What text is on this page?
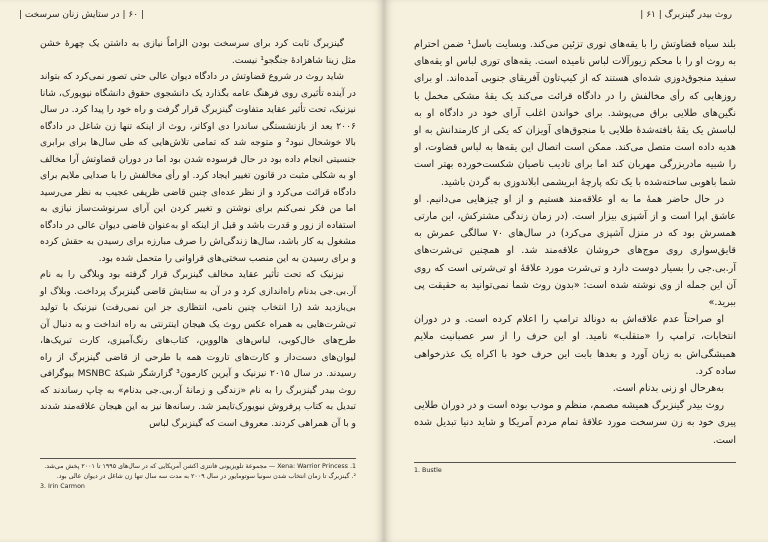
| ۶۰ | در ستایش زنان سرسخت |

گینزبرگ ثابت کرد برای سرسخت بودن الزاماً نیازی به داشتن یک چهرهٔ خشن مثل زینا شاهزادهٔ جنگجو¹ نیست.

شاید روث در شروع قضاوتش در دادگاه دیوان عالی حتی تصور نمی‌کرد که بتواند در آینده تأثیری روی فرهنگ عامه بگذارد یک دانشجوی حقوق دانشگاه نیویورک، شانا نیزنیک، تحت تأثیر عقاید متفاوت گینزبرگ قرار گرفت و راه خود را پیدا کرد. در سال ۲۰۰۶ بعد از بازنشستگی ساندرا دی اوکانر، روث از اینکه تنها زن شاغل در دادگاه بالا خوشحال نبود² و متوجه شد که تمامی تلاش‌هایی که طی سال‌ها برای برابری جنسیتی انجام داده بود در حال فرسوده شدن بود اما در دوران قضاوتش آرا مخالف او به شکلی مثبت در قانون تغییر ایجاد کرد. او رأی مخالفش را با صدایی ملایم برای دادگاه قرائت می‌کرد و از نظر عده‌ای چنین قاضی ظریفی عجیب به نظر می‌رسید اما من فکر نمی‌کنم برای نوشتن و تغییر کردن این آرای سرنوشت‌ساز نیازی به استفاده از زور و قدرت باشد و قبل از اینکه او به‌عنوان قاضی دیوان عالی در دادگاه مشغول به کار باشد، سال‌ها زندگی‌اش را صرف مبارزه برای رسیدن به حقش کرده و برای رسیدن به این منصب سختی‌های فراوانی را متحمل شده بود.

نیزنیک که تحت تأثیر عقاید مخالف گینزبرگ قرار گرفته بود وبلاگی را به نام آر.بی.جی بدنام راه‌اندازی کرد و در آن به ستایش قاضی گینزبرگ پرداخت. وبلاگ او بی‌بازدید شد (را انتخاب چنین نامی، انتظاری جز این نمی‌رفت) نیزنیک با تولید تی‌شرت‌هایی به همراه عکس روث یک هیجان اینترنتی به راه انداخت و به دنبال آن طرح‌های خال‌کوبی، لباس‌های هالووین، کتاب‌های رنگ‌آمیزی، کارت تبریک‌ها، لیوان‌های دست‌دار و کارت‌های تاروت همه با طرحی از قاضی گینزبرگ از راه رسیدند. در سال ۲۰۱۵ نیزنیک و آیرین کارمون³ گزارشگر شبکهٔ MSNBC بیوگرافی روث بیدر گینزبرگ را به نام «زندگی و زمانهٔ آر.بی.جی بدنام» به چاپ رساندند که تبدیل به کتاب پرفروش نیویورک‌تایمز شد. رسانه‌ها نیز به این هیجان علاقه‌مند شدند و با آن همراهی کردند. معروف است که گینزبرگ لباس

1. Xena: Warrior Princess — مجموعهٔ تلویزیونی فانتزی اکشن آمریکایی که در سال‌های ۱۹۹۵ تا ۲۰۰۱ پخش می‌شد.

². گینزبرگ تا زمان انتخاب شدن سونیا سوتومایور در سال ۲۰۰۹ به مدت سه سال تنها زن شاغل در دیوان عالی بود.

3. Irin Carmon

روث بیدر گینزبرگ | ۶۱ |

بلند سیاه قضاوتش را با یقه‌های توری تزئین می‌کند. وبسایت باسل¹ ضمن احترام به روث او را با محکم زیورآلات لباس نامیده است. یقه‌های توری لباس او یقه‌های سفید منجوق‌دوزی شده‌ای هستند که از کیپ‌تاون آفریقای جنوبی آمده‌اند. او برای روزهایی که رأی مخالفش را در دادگاه قرائت می‌کند یک یقهٔ مشکی مخمل با نگین‌های طلایی براق می‌پوشد. برای خواندن اغلب آرای خود در دادگاه او به لباسش یک یقهٔ بافته‌شدهٔ طلایی با منجوق‌های آویزان که یکی از کارمندانش به او هدیه داده است متصل می‌کند. ممکن است اتصال این یقه‌ها به لباس قضاوت، او را شبیه مادربزرگی مهربان کند اما برای تادیب ناصیان شکست‌خورده بهتر است شما باهوبی ساخته‌شده با یک تکه پارچهٔ ابریشمی ابلاندوزی به گردن باشید.

در حال حاضر همهٔ ما به او علاقه‌مند هستیم و از او چیزهایی می‌دانیم. او عاشق اپرا است و از آشپزی بیزار است. (در زمان زندگی مشترکش، این مارتی همسرش بود که در منزل آشپزی می‌کرد) در سال‌های ۷۰ سالگی عمرش به قایق‌سواری روی موج‌های خروشان علاقه‌مند شد. او همچنین تی‌شرت‌های آر.بی.جی را بسیار دوست دارد و تی‌شرت مورد علاقهٔ او تی‌شرتی است که روی آن این جمله از وی نوشته شده است: «بدون روث شما نمی‌توانید به حقیقت پی ببرید.»

او صراحتاً عدم علاقه‌اش به دونالد ترامپ را اعلام کرده است. و در دوران انتخابات، ترامپ را «متقلب» نامید. او این حرف را از سر عصبانیت ملایم همیشگی‌اش به زبان آورد و بعدها بابت این حرف خود با اکراه یک عذرخواهی ساده کرد.

به‌هرحال او زنی بدنام است.

روث بیدر گینزبرگ همیشه مصمم، منظم و مودب بوده است و در دوران طلایی پیری خود به زن سرسخت مورد علاقهٔ تمام مردم آمریکا و شاید دنیا تبدیل شده است.

1. Bustle
